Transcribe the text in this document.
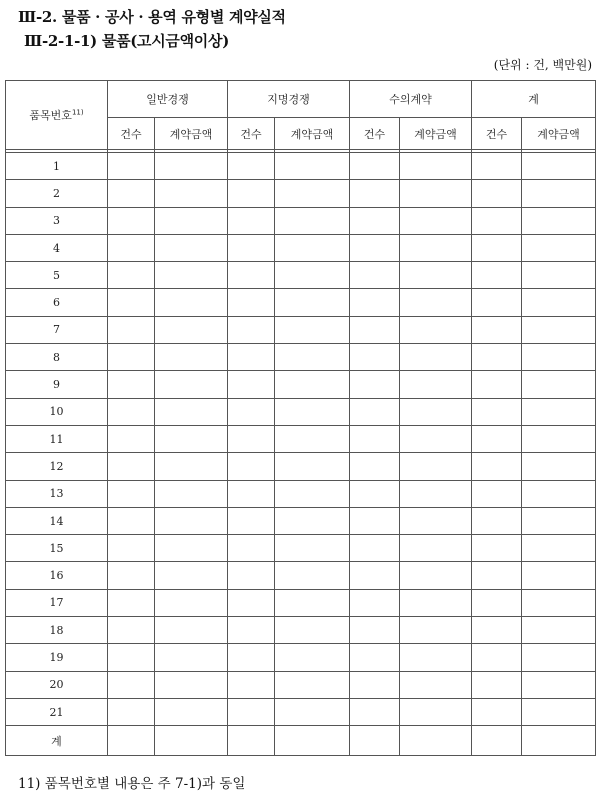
Ⅲ-2. 물품 · 공사 · 용역 유형별 계약실적
Ⅲ-2-1-1) 물품(고시금액이상)
(단위 : 건, 백만원)
품목번호$^{11)}$	일반경쟁		지명경쟁		수의계약		계	
	건수	계약금액	건수	계약금액	건수	계약금액	건수	계약금액

1								
2								
3								
4								
5								
6								
7								
8								
9								
10								
11								
12								
13								
14								
15								
16								
17								
18								
19								
20								
21								
계								
11) 품목번호별 내용은 주 7-1)과 동일
